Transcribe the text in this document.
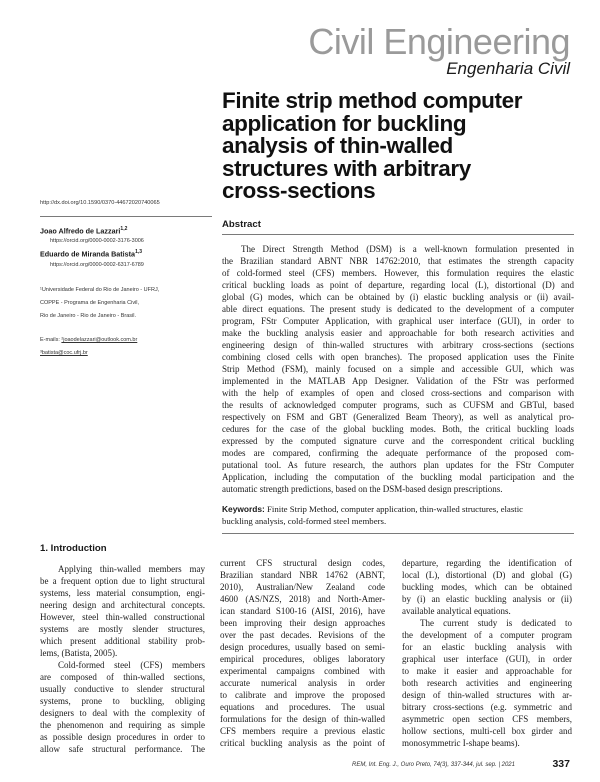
Civil Engineering
Engenharia Civil
Finite strip method computer
application for buckling
analysis of thin-walled
structures with arbitrary
cross-sections
http://dx.doi.org/10.1590/0370-44672020740065
Joao Alfredo de Lazzari$^{1,2}$
https://orcid.org/0000-0002-3176-3006
Eduardo de Miranda Batista$^{1,3}$
https://orcid.org/0000-0002-6317-6789
¹Universidade Federal do Rio de Janeiro - UFRJ,
COPPE - Programa de Engenharia Civil,
Rio de Janeiro - Rio de Janeiro - Brasil.
E-mails: ²joaodelazzari@outlook.com.br
³batista@coc.ufrj.br
Abstract
The Direct Strength Method (DSM) is a well-known formulation presented in
the Brazilian standard ABNT NBR 14762:2010, that estimates the strength capacity
of cold-formed steel (CFS) members. However, this formulation requires the elastic
critical buckling loads as point of departure, regarding local (L), distortional (D) and
global (G) modes, which can be obtained by (i) elastic buckling analysis or (ii) avail-
able direct equations. The present study is dedicated to the development of a computer
program, FStr Computer Application, with graphical user interface (GUI), in order to
make the buckling analysis easier and approachable for both research activities and
engineering design of thin-walled structures with arbitrary cross-sections (sections
combining closed cells with open branches). The proposed application uses the Finite
Strip Method (FSM), mainly focused on a simple and accessible GUI, which was
implemented in the MATLAB App Designer. Validation of the FStr was performed
with the help of examples of open and closed cross-sections and comparison with
the results of acknowledged computer programs, such as CUFSM and GBTul, based
respectively on FSM and GBT (Generalized Beam Theory), as well as analytical pro-
cedures for the case of the global buckling modes. Both, the critical buckling loads
expressed by the computed signature curve and the correspondent critical buckling
modes are compared, confirming the adequate performance of the proposed com-
putational tool. As future research, the authors plan updates for the FStr Computer
Application, including the computation of the buckling modal participation and the
automatic strength predictions, based on the DSM-based design prescriptions.
Keywords: Finite Strip Method, computer application, thin-walled structures, elastic
buckling analysis, cold-formed steel members.
1. Introduction
Applying thin-walled members may
be a frequent option due to light structural
systems, less material consumption, engi-
neering design and architectural concepts.
However, steel thin-walled constructional
systems are mostly slender structures,
which present additional stability prob-
lems, (Batista, 2005).
Cold-formed steel (CFS) members
are composed of thin-walled sections,
usually conductive to slender structural
systems, prone to buckling, obliging
designers to deal with the complexity of
the phenomenon and requiring as simple
as possible design procedures in order to
allow safe structural performance. The
current CFS structural design codes,
Brazilian standard NBR 14762 (ABNT,
2010), Australian/New Zealand code
4600 (AS/NZS, 2018) and North-Amer-
ican standard S100-16 (AISI, 2016), have
been improving their design approaches
over the past decades. Revisions of the
design procedures, usually based on semi-
empirical procedures, obliges laboratory
experimental campaigns combined with
accurate numerical analysis in order
to calibrate and improve the proposed
equations and procedures. The usual
formulations for the design of thin-walled
CFS members require a previous elastic
critical buckling analysis as the point of
departure, regarding the identification of
local (L), distortional (D) and global (G)
buckling modes, which can be obtained
by (i) an elastic buckling analysis or (ii)
available analytical equations.
The current study is dedicated to
the development of a computer program
for an elastic buckling analysis with
graphical user interface (GUI), in order
to make it easier and approachable for
both research activities and engineering
design of thin-walled structures with ar-
bitrary cross-sections (e.g. symmetric and
asymmetric open section CFS members,
hollow sections, multi-cell box girder and
monosymmetric I-shape beams).
REM, Int. Eng. J., Ouro Preto, 74(3), 337-344, jul. sep. | 2021	337
